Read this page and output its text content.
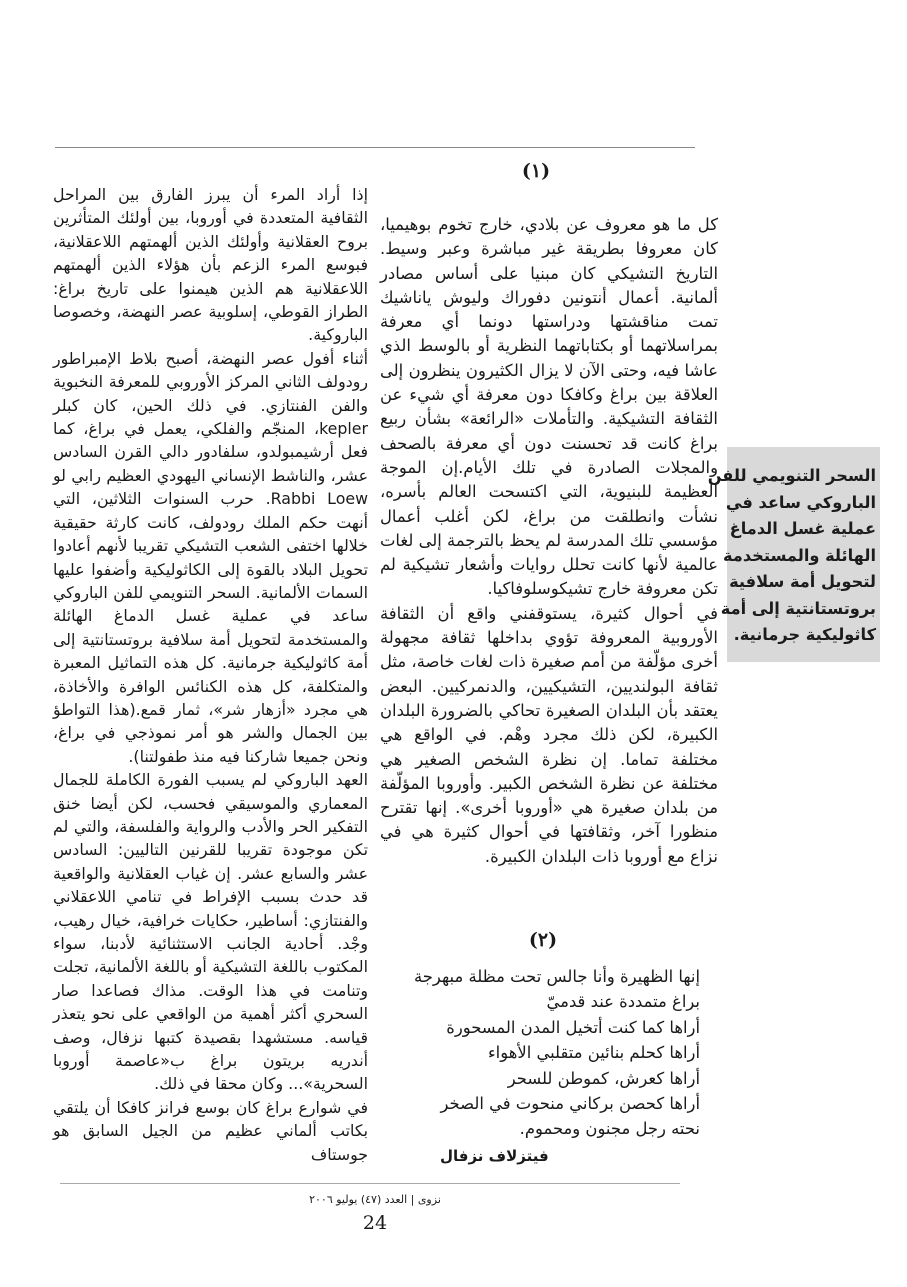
(١)

كل ما هو معروف عن بلادي، خارج تخوم بوهيميا، كان معروفا بطريقة غير مباشرة وعبر وسيط. التاريخ التشيكي كان مبنيا على أساس مصادر ألمانية. أعمال أنتونين دفوراك وليوش ياناشيك تمت مناقشتها ودراستها دونما أي معرفة بمراسلاتهما أو بكتاباتهما النظرية أو بالوسط الذي عاشا فيه، وحتى الآن لا يزال الكثيرون ينظرون إلى العلاقة بين براغ وكافكا دون معرفة أي شيء عن الثقافة التشيكية. والتأملات «الرائعة» بشأن ربيع براغ كانت قد تحسنت دون أي معرفة بالصحف والمجلات الصادرة في تلك الأيام.إن الموجة العظيمة للبنيوية، التي اكتسحت العالم بأسره، نشأت وانطلقت من براغ، لكن أغلب أعمال مؤسسي تلك المدرسة لم يحظ بالترجمة إلى لغات عالمية لأنها كانت تحلل روايات وأشعار تشيكية لم تكن معروفة خارج تشيكوسلوفاكيا.

في أحوال كثيرة، يستوقفني واقع أن الثقافة الأوروبية المعروفة تؤوي بداخلها ثقافة مجهولة أخرى مؤلّفة من أمم صغيرة ذات لغات خاصة، مثل ثقافة البولنديين، التشيكيين، والدنمركيين. البعض يعتقد بأن البلدان الصغيرة تحاكي بالضرورة البلدان الكبيرة، لكن ذلك مجرد وهْم. في الواقع هي مختلفة تماما. إن نظرة الشخص الصغير هي مختلفة عن نظرة الشخص الكبير. وأوروبا المؤلّفة من بلدان صغيرة هي «أوروبا أخرى». إنها تقترح منظورا آخر، وثقافتها في أحوال كثيرة هي في نزاع مع أوروبا ذات البلدان الكبيرة.

(٢)
إنها الظهيرة وأنا جالس تحت مظلة مبهرجة
براغ متمددة عند قدميّ
أراها كما كنت أتخيل المدن المسحورة
أراها كحلم بنائين متقلبي الأهواء
أراها كعرش، كموطن للسحر
أراها كحصن بركاني منحوت في الصخر
نحته رجل مجنون ومحموم.
فيتزلاف نزفال

إذا أراد المرء أن يبرز الفارق بين المراحل الثقافية المتعددة في أوروبا، بين أولئك المتأثرين بروح العقلانية وأولئك الذين ألهمتهم اللاعقلانية، فبوسع المرء الزعم بأن هؤلاء الذين ألهمتهم اللاعقلانية هم الذين هيمنوا على تاريخ براغ: الطراز القوطي، إسلوبية عصر النهضة، وخصوصا الباروكية.

أثناء أفول عصر النهضة، أصبح بلاط الإمبراطور رودولف الثاني المركز الأوروبي للمعرفة النخبوية والفن الفنتازي. في ذلك الحين، كان كبلر kepler، المنجّم والفلكي، يعمل في براغ، كما فعل أرشيمبولدو، سلفادور دالي القرن السادس عشر، والناشط الإنساني اليهودي العظيم رابي لو Rabbi Loew. حرب السنوات الثلاثين، التي أنهت حكم الملك رودولف، كانت كارثة حقيقية خلالها اختفى الشعب التشيكي تقريبا لأنهم أعادوا تحويل البلاد بالقوة إلى الكاثوليكية وأضفوا عليها السمات الألمانية. السحر التنويمي للفن الباروكي ساعد في عملية غسل الدماغ الهائلة والمستخدمة لتحويل أمة سلافية بروتستانتية إلى أمة كاثوليكية جرمانية. كل هذه التماثيل المعبرة والمتكلفة، كل هذه الكنائس الوافرة والأخاذة، هي مجرد «أزهار شر»، ثمار قمع.(هذا التواطؤ بين الجمال والشر هو أمر نموذجي في براغ، ونحن جميعا شاركنا فيه منذ طفولتنا).

العهد الباروكي لم يسبب الفورة الكاملة للجمال المعماري والموسيقي فحسب، لكن أيضا خنق التفكير الحر والأدب والرواية والفلسفة، والتي لم تكن موجودة تقريبا للقرنين التاليين: السادس عشر والسابع عشر. إن غياب العقلانية والواقعية قد حدث بسبب الإفراط في تنامي اللاعقلاني والفنتازي: أساطير، حكايات خرافية، خيال رهيب، وجْد. أحادية الجانب الاستثنائية لأدبنا، سواء المكتوب باللغة التشيكية أو باللغة الألمانية، تجلت وتنامت في هذا الوقت. مذاك فصاعدا صار السحري أكثر أهمية من الواقعي على نحو يتعذر قياسه. مستشهدا بقصيدة كتبها نزفال، وصف أندريه بريتون براغ ب«عاصمة أوروبا السحرية»... وكان محقا في ذلك.

في شوارع براغ كان بوسع فرانز كافكا أن يلتقي بكاتب ألماني عظيم من الجيل السابق هو جوستاف

السحر التنويمي للفن
الباروكي ساعد في
عملية غسل الدماغ
الهائلة والمستخدمة
لتحويل أمة سلافية
بروتستانتية إلى أمة
كاثوليكية جرمانية.
نزوى | العدد (٤٧) يوليو ٢٠٠٦
24
